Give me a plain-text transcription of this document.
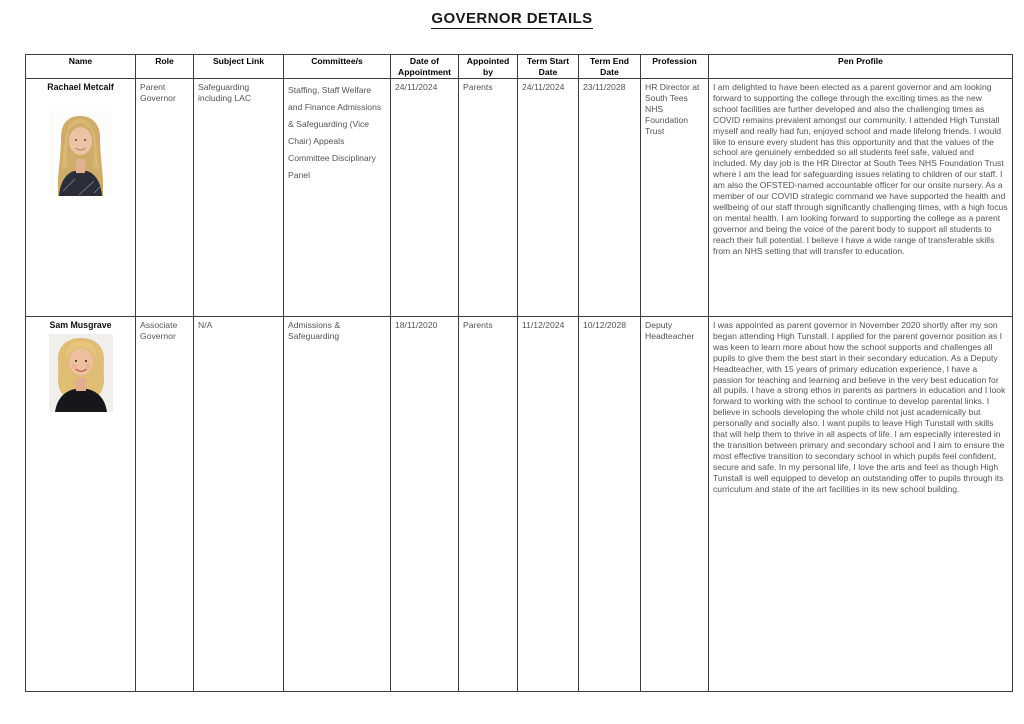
GOVERNOR DETAILS
Name	Role	Subject Link	Committee/s	Date of Appointment	Appointed by	Term Start Date	Term End Date	Profession	Pen Profile

Rachael Metcalf	Parent Governor	Safeguarding including LAC	Staffing, Staff Welfare and Finance Admissions & Safeguarding (Vice Chair) Appeals Committee Disciplinary Panel	24/11/2024	Parents	24/11/2024	23/11/2028	HR Director at South Tees NHS Foundation Trust	I am delighted to have been elected as a parent governor and am looking forward to supporting the college through the exciting times as the new school facilities are further developed and also the challenging times as COVID remains prevalent amongst our community. I attended High Tunstall myself and really had fun, enjoyed school and made lifelong friends. I would like to ensure every student has this opportunity and that the values of the school are genuinely embedded so all students feel safe, valued and included. My day job is the HR Director at South Tees NHS Foundation Trust where I am the lead for safeguarding issues relating to children of our staff. I am also the OFSTED-named accountable officer for our onsite nursery. As a member of our COVID strategic command we have supported the health and wellbeing of our staff through significantly challenging times, with a high focus on mental health. I am looking forward to supporting the college as a parent governor and being the voice of the parent body to support all students to reach their full potential. I believe I have a wide range of transferable skills from an NHS setting that will transfer to education.

Sam Musgrave	Associate Governor	N/A	Admissions & Safeguarding	18/11/2020	Parents	11/12/2024	10/12/2028	Deputy Headteacher	I was appointed as parent governor in November 2020 shortly after my son began attending High Tunstall. I applied for the parent governor position as I was keen to learn more about how the school supports and challenges all pupils to give them the best start in their secondary education. As a Deputy Headteacher, with 15 years of primary education experience, I have a passion for teaching and learning and believe in the very best education for all pupils. I have a strong ethos in parents as partners in education and I look forward to working with the school to continue to develop parental links. I believe in schools developing the whole child not just academically but personally and socially also. I want pupils to leave High Tunstall with skills that will help them to thrive in all aspects of life. I am especially interested in the transition between primary and secondary school and I aim to ensure the most effective transition to secondary school in which pupils feel confident, secure and safe. In my personal life, I love the arts and feel as though High Tunstall is well equipped to develop an outstanding offer to pupils through its curriculum and state of the art facilities in its new school building.
